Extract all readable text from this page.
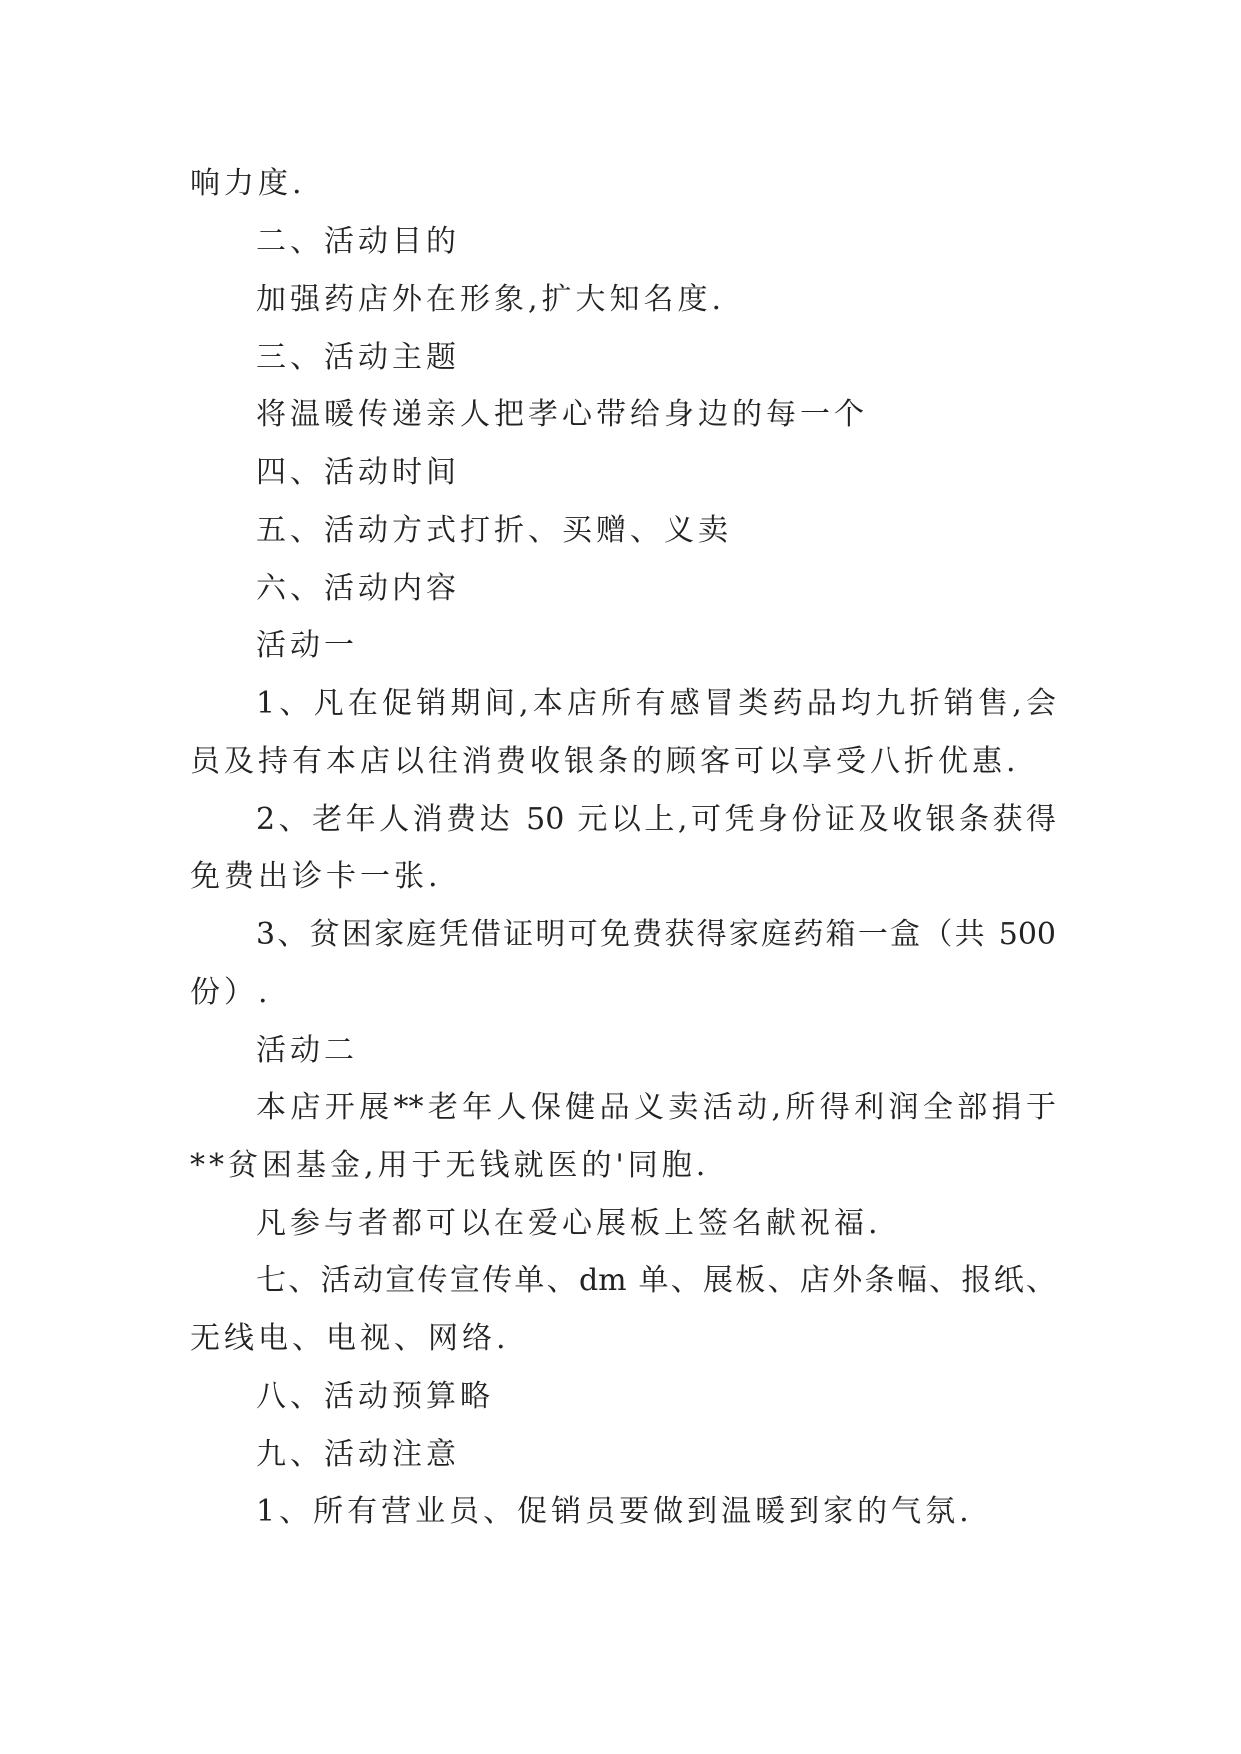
响力度.
二、活动目的
加强药店外在形象,扩大知名度.
三、活动主题
将温暖传递亲人把孝心带给身边的每一个
四、活动时间
五、活动方式打折、买赠、义卖
六、活动内容
活动一
1、凡在促销期间,本店所有感冒类药品均九折销售,会
员及持有本店以往消费收银条的顾客可以享受八折优惠.
2、老年人消费达 50 元以上,可凭身份证及收银条获得
免费出诊卡一张.
3、贫困家庭凭借证明可免费获得家庭药箱一盒（共 500
份）.
活动二
本店开展**老年人保健品义卖活动,所得利润全部捐于
**贫困基金,用于无钱就医的'同胞.
凡参与者都可以在爱心展板上签名献祝福.
七、活动宣传宣传单、dm 单、展板、店外条幅、报纸、
无线电、电视、网络.
八、活动预算略
九、活动注意
1、所有营业员、促销员要做到温暖到家的气氛.
